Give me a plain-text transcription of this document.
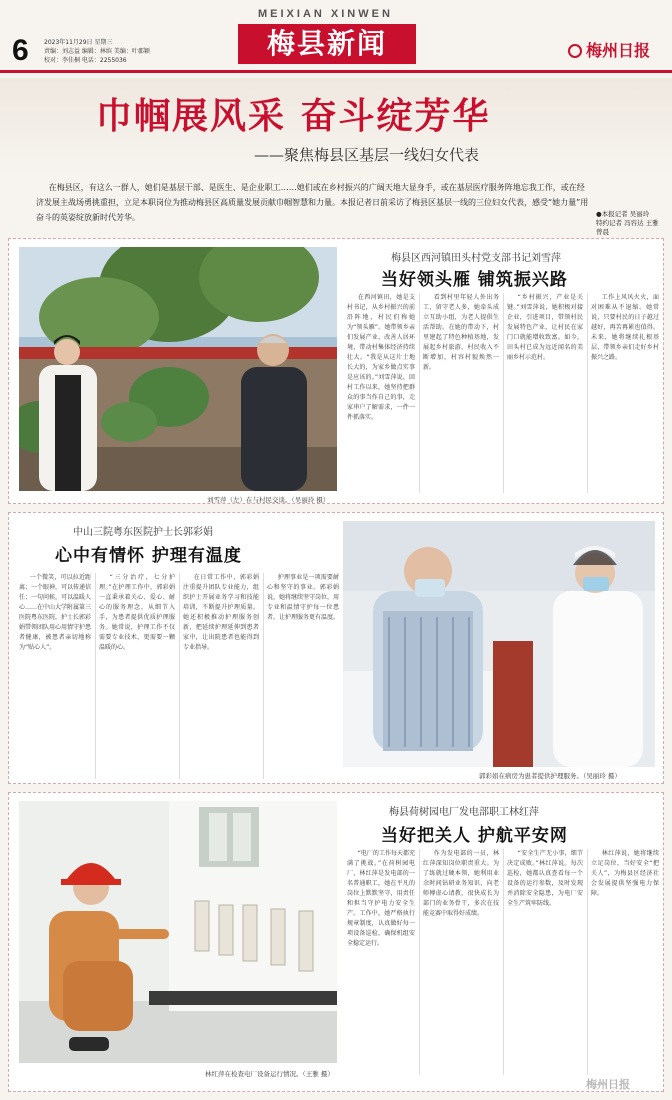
6	2023年11月29日 星期三
责编：刘志益 编辑：林缤 美编：叶郡颖
校对：李佳桐 电话：2255036
MEIXIAN XINWEN
梅县新闻	梅州日报
巾帼展风采 奋斗绽芳华
——聚焦梅县区基层一线妇女代表

在梅县区，有这么一群人，她们是基层干部、是医生、是企业职工……她们或在乡村振兴的广阔天地大显身手，或在基层医疗服务阵地忘我工作，或在经济发展主战场勇挑重担，立足本职岗位为推动梅县区高质量发展贡献巾帼智慧和力量。本报记者日前采访了梅县区基层一线的三位妇女代表，感受“她力量”用奋斗的英姿绽放新时代芳华。	●本报记者 吴丽玲
特约记者 冯容达 王雅 曾晨
刘雪萍（左）在与村民交谈。（吴丽玲 摄）
梅县区西河镇田头村党支部书记刘雪萍
当好领头雁 铺筑振兴路
在西河镇田，她是支村书记，从乡村振兴的前沿阵地，村民们称她为“领头雁”。她带领乡亲们发展产业、改善人居环境，带动村集体经济持续壮大。“我是从这片土地长大的，为家乡做点实事是应该的。”刘雪萍说，回村工作以来，她坚持把群众的事当作自己的事，走家串户了解需求，一件一件抓落实。
看到村里年轻人外出务工，留守老人多，她牵头成立互助小组，为老人提供生活帮助。在她的带动下，村里建起了特色种植基地，发展起乡村旅游，村民收入不断增加，村容村貌焕然一新。
“乡村振兴，产业是关键。”刘雪萍说，她积极对接企业，引进项目，带领村民发展特色产业，让村民在家门口就能增收致富。如今，田头村已成为远近闻名的美丽乡村示范村。
工作上风风火火，面对困难从不退缩。她常说，只要村民的日子越过越好，再苦再累也值得。未来，她将继续扎根基层，带领乡亲们走好乡村振兴之路。
中山三院粤东医院护士长郭彩娟
心中有情怀 护理有温度
一个微笑，可以拉近距离；一个眼神，可以传递信任；一句问候，可以温暖人心……在中山大学附属第三医院粤东医院，护士长郭彩娟带领团队用心用情守护患者健康，被患者亲切地称为“贴心人”。
“三分治疗，七分护理。”在护理工作中，郭彩娟一直秉承着关心、爱心、耐心的服务理念，从细节入手，为患者提供优质护理服务。她常说，护理工作不仅需要专业技术，更需要一颗温暖的心。
在日常工作中，郭彩娟注重提升团队专业能力，组织护士开展业务学习和技能培训，不断提升护理质量。她还积极推动护理服务创新，把延续护理延伸到患者家中，让出院患者也能得到专业指导。
护理事业是一项需要耐心和坚守的事业。郭彩娟说，她将继续坚守岗位，用专业和温情守护每一位患者，让护理服务更有温度。
郭彩娟在病房为患者提供护理服务。（吴丽玲 摄）
林红萍在检查电厂设备运行情况。（王雅 摄）
梅县荷树园电厂发电部职工林红萍
当好把关人 护航平安网
“电厂的工作每天都充满了挑战。”在荷树园电厂，林红萍是发电部的一名普通职工，她在平凡的岗位上默默坚守，用责任和担当守护电力安全生产。工作中，她严格执行规章制度，认真做好每一项设备巡检，确保机组安全稳定运行。
作为发电部的一员，林红萍深知岗位职责重大。为了练就过硬本领，她利用业余时间钻研业务知识，向老师傅虚心请教，很快成长为部门的业务骨干，多次在技能竞赛中取得好成绩。
“安全生产无小事，细节决定成败。”林红萍说。每次巡检，她都认真查看每一个设备的运行参数，及时发现并消除安全隐患，为电厂安全生产筑牢防线。
林红萍说，她将继续立足岗位，当好安全“把关人”，为梅县区经济社会发展提供坚强电力保障。
梅州日报
